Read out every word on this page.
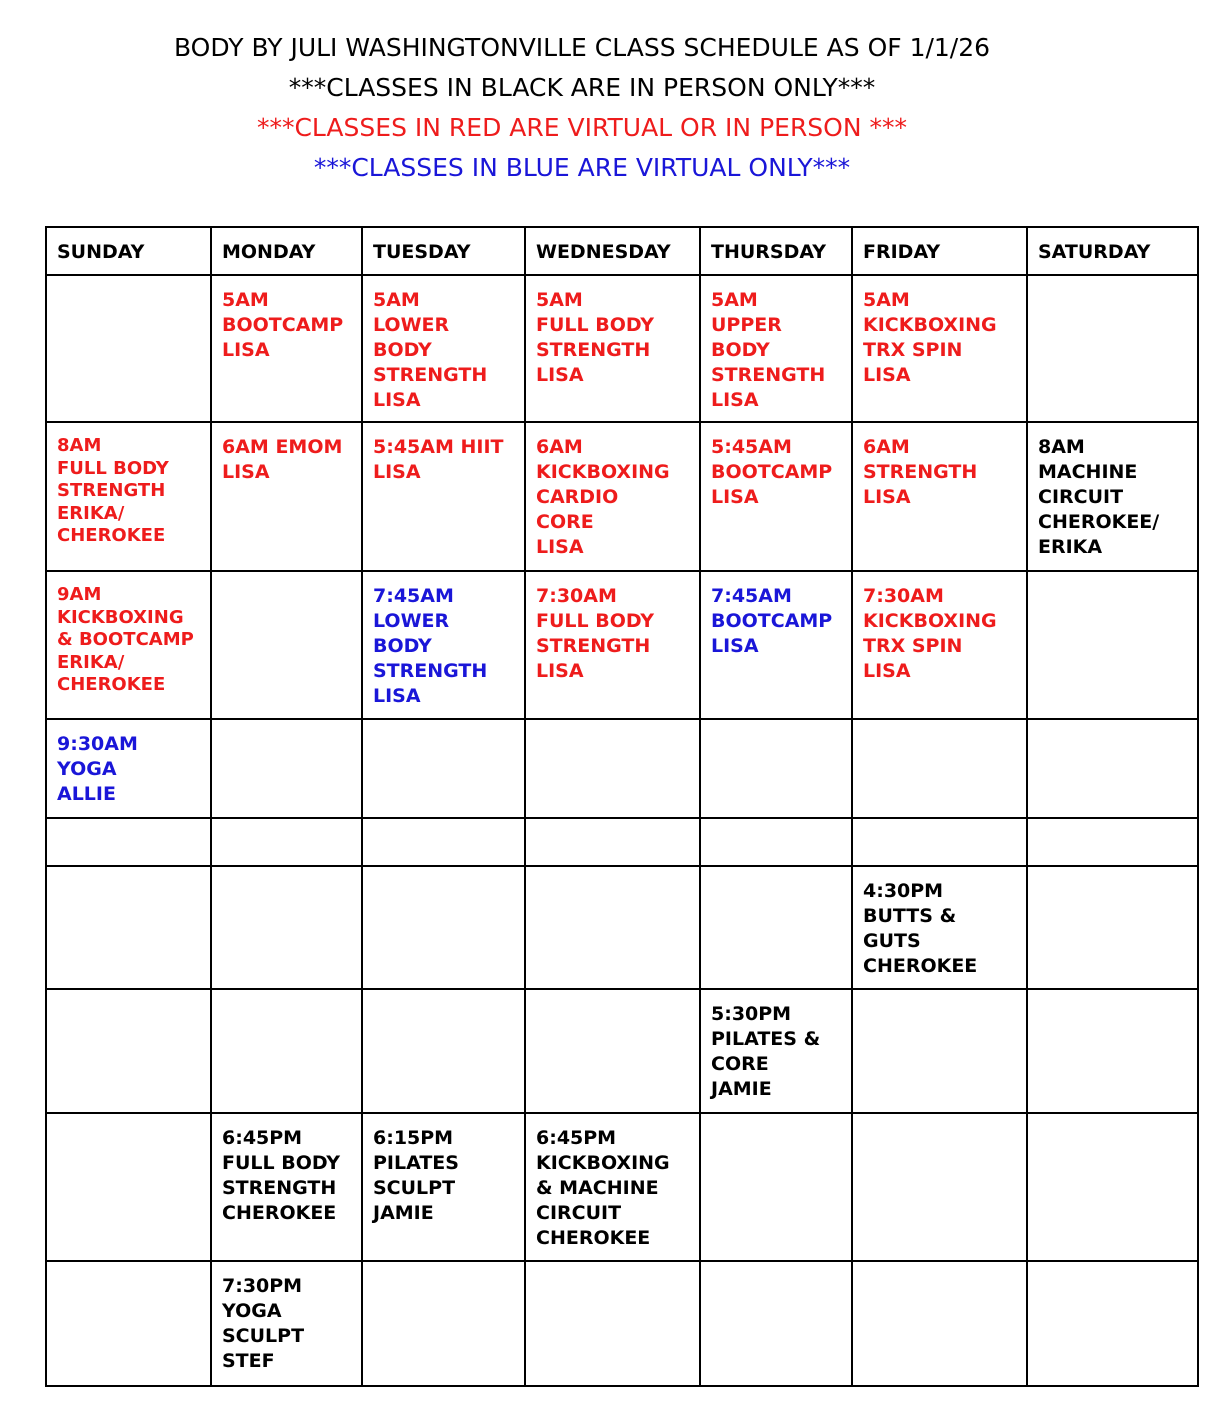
BODY BY JULI WASHINGTONVILLE CLASS SCHEDULE AS OF 1/1/26
***CLASSES IN BLACK ARE IN PERSON ONLY***
***CLASSES IN RED ARE VIRTUAL OR IN PERSON ***
***CLASSES IN BLUE ARE VIRTUAL ONLY***
SUNDAY	MONDAY	TUESDAY	WEDNESDAY	THURSDAY	FRIDAY	SATURDAY

	5AM
BOOTCAMP
LISA	5AM
LOWER
BODY
STRENGTH
LISA	5AM
FULL BODY
STRENGTH
LISA	5AM
UPPER
BODY
STRENGTH
LISA	5AM
KICKBOXING
TRX SPIN
LISA	

8AM
FULL BODY
STRENGTH
ERIKA/
CHEROKEE	6AM EMOM
LISA	5:45AM HIIT
LISA	6AM
KICKBOXING
CARDIO
CORE
LISA	5:45AM
BOOTCAMP
LISA	6AM
STRENGTH
LISA	8AM
MACHINE
CIRCUIT
CHEROKEE/
ERIKA

9AM
KICKBOXING
& BOOTCAMP
ERIKA/
CHEROKEE		7:45AM
LOWER
BODY
STRENGTH
LISA	7:30AM
FULL BODY
STRENGTH
LISA	7:45AM
BOOTCAMP
LISA	7:30AM
KICKBOXING
TRX SPIN
LISA	

9:30AM
YOGA
ALLIE						

					4:30PM
BUTTS &
GUTS
CHEROKEE	

				5:30PM
PILATES &
CORE
JAMIE		

	6:45PM
FULL BODY
STRENGTH
CHEROKEE	6:15PM
PILATES
SCULPT
JAMIE	6:45PM
KICKBOXING
& MACHINE
CIRCUIT
CHEROKEE			

	7:30PM
YOGA
SCULPT
STEF					
